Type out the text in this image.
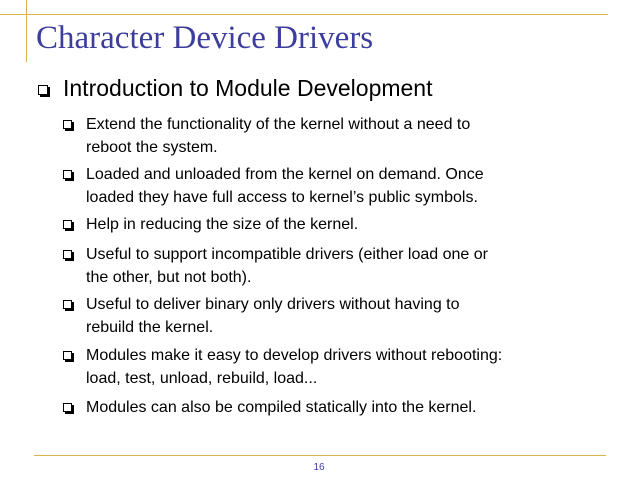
Character Device Drivers
Introduction to Module Development
Extend the functionality of the kernel without a need to
reboot the system.
Loaded and unloaded from the kernel on demand. Once
loaded they have full access to kernel’s public symbols.
Help in reducing the size of the kernel.
Useful to support incompatible drivers (either load one or
the other, but not both).
Useful to deliver binary only drivers without having to
rebuild the kernel.
Modules make it easy to develop drivers without rebooting:
load, test, unload, rebuild, load...
Modules can also be compiled statically into the kernel.
16
